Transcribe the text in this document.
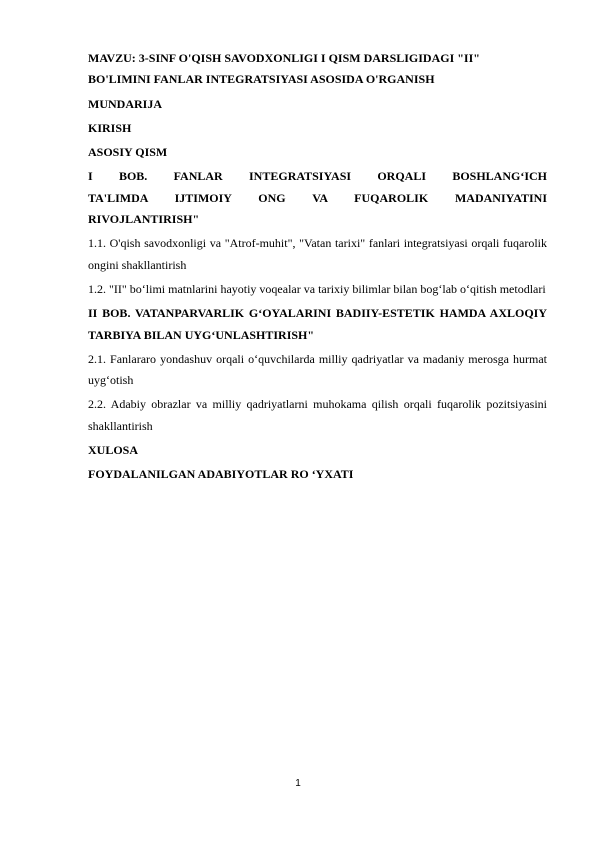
MAVZU: 3-SINF O'QISH SAVODXONLIGI I QISM DARSLIGIDAGI "II"
BO'LIMINI FANLAR INTEGRATSIYASI ASOSIDA O'RGANISH

MUNDARIJA

KIRISH

ASOSIY QISM

I BOB. FANLAR INTEGRATSIYASI ORQALI BOSHLANG‘ICH
TA'LIMDA IJTIMOIY ONG VA FUQAROLIK MADANIYATINI
RIVOJLANTIRISH"

1.1. O'qish savodxonligi va "Atrof-muhit", "Vatan tarixi" fanlari integratsiyasi orqali fuqarolik ongini shakllantirish

1.2. "II" bo‘limi matnlarini hayotiy voqealar va tarixiy bilimlar bilan bog‘lab o‘qitish metodlari

II BOB. VATANPARVARLIK G‘OYALARINI BADIIY-ESTETIK HAMDA AXLOQIY TARBIYA BILAN UYG‘UNLASHTIRISH"

2.1. Fanlararo yondashuv orqali o‘quvchilarda milliy qadriyatlar va madaniy merosga hurmat uyg‘otish

2.2. Adabiy obrazlar va milliy qadriyatlarni muhokama qilish orqali fuqarolik pozitsiyasini shakllantirish

XULOSA

FOYDALANILGAN ADABIYOTLAR RO ‘YXATI

1
